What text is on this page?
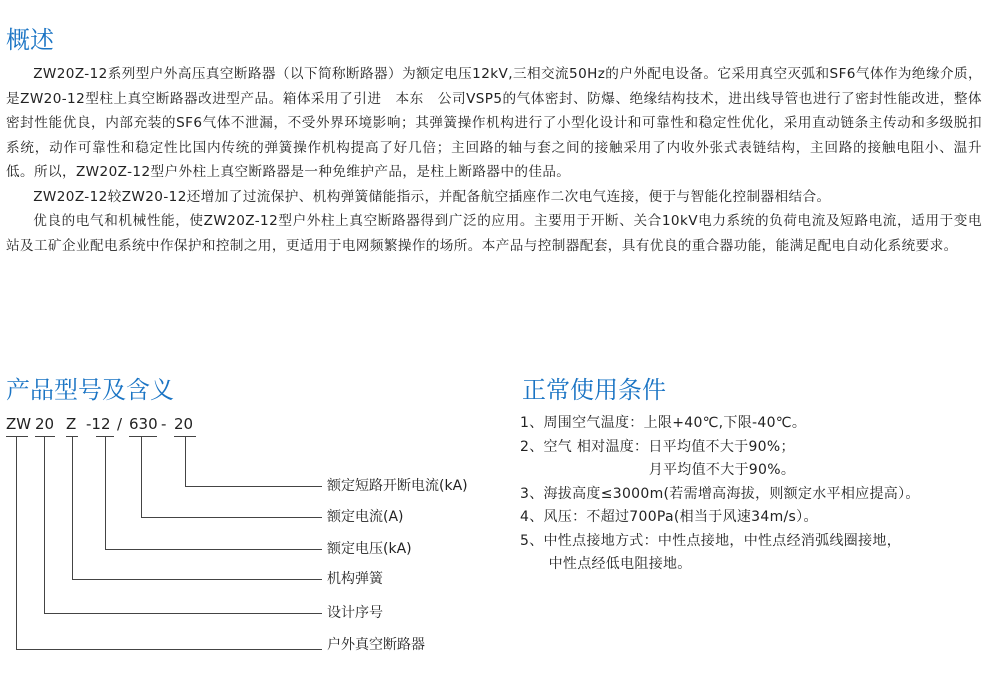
概述

ZW20Z-12系列型户外高压真空断路器（以下简称断路器）为额定电压12kV,三相交流50Hz的户外配电设备。它采用真空灭弧和SF6气体作为绝缘介质，是ZW20-12型柱上真空断路器改进型产品。箱体采用了引进　本东　公司VSP5的气体密封、防爆、绝缘结构技术，进出线导管也进行了密封性能改进，整体密封性能优良，内部充装的SF6气体不泄漏，不受外界环境影响；其弹簧操作机构进行了小型化设计和可靠性和稳定性优化，采用直动链条主传动和多级脱扣系统，动作可靠性和稳定性比国内传统的弹簧操作机构提高了好几倍；主回路的轴与套之间的接触采用了内收外张式表链结构，主回路的接触电阻小、温升低。所以，ZW20Z-12型户外柱上真空断路器是一种免维护产品，是柱上断路器中的佳品。

ZW20Z-12较ZW20-12还增加了过流保护、机构弹簧储能指示，并配备航空插座作二次电气连接，便于与智能化控制器相结合。

优良的电气和机械性能，使ZW20Z-12型户外柱上真空断路器得到广泛的应用。主要用于开断、关合10kV电力系统的负荷电流及短路电流，适用于变电站及工矿企业配电系统中作保护和控制之用，更适用于电网频繁操作的场所。本产品与控制器配套，具有优良的重合器功能，能满足配电自动化系统要求。

产品型号及含义
ZW 20 Z -12 / 630 - 20
额定短路开断电流(kA)
额定电流(A)
额定电压(kA)
机构弹簧
设计序号
户外真空断路器
正常使用条件
1、周围空气温度：上限+40℃,下限-40℃。
2、空气 相对温度：日平均值不大于90%；
　　　　　　　　　月平均值不大于90%。
3、海拔高度≤3000m(若需增高海拔，则额定水平相应提高）。
4、风压：不超过700Pa(相当于风速34m/s）。
5、中性点接地方式：中性点接地，中性点经消弧线圈接地，
　　中性点经低电阻接地。
